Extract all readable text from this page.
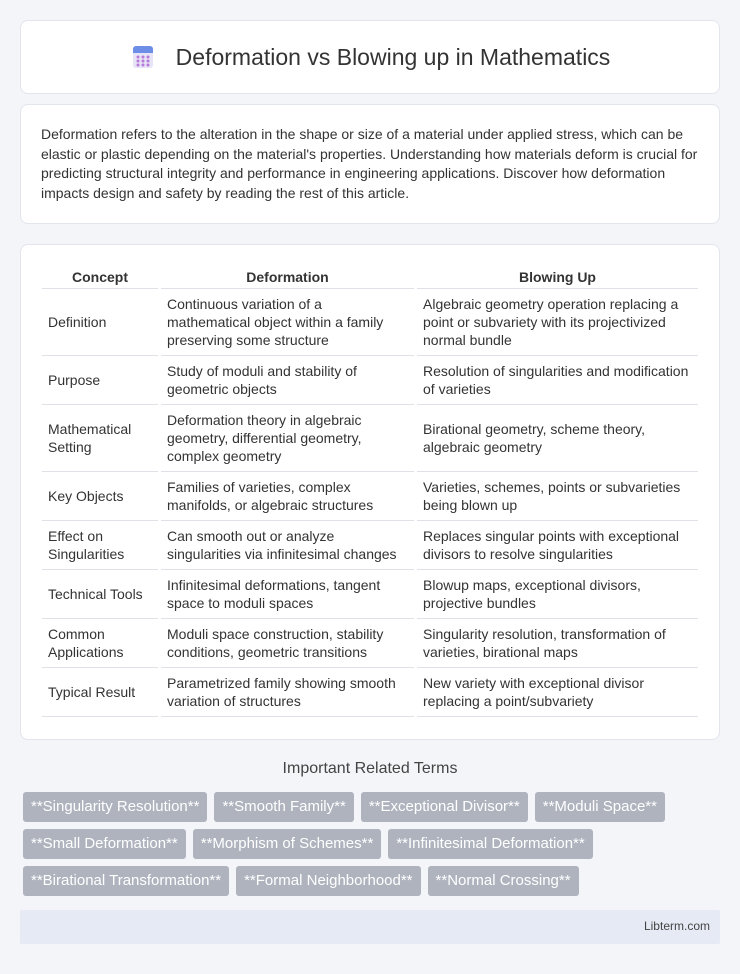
Deformation vs Blowing up in Mathematics

Deformation refers to the alteration in the shape or size of a material under applied stress, which can be elastic or plastic depending on the material's properties. Understanding how materials deform is crucial for predicting structural integrity and performance in engineering applications. Discover how deformation impacts design and safety by reading the rest of this article.

Concept	Deformation	Blowing Up
Definition	Continuous variation of a mathematical object within a family preserving some structure	Algebraic geometry operation replacing a point or subvariety with its projectivized normal bundle
Purpose	Study of moduli and stability of geometric objects	Resolution of singularities and modification of varieties
Mathematical Setting	Deformation theory in algebraic geometry, differential geometry, complex geometry	Birational geometry, scheme theory, algebraic geometry
Key Objects	Families of varieties, complex manifolds, or algebraic structures	Varieties, schemes, points or subvarieties being blown up
Effect on Singularities	Can smooth out or analyze singularities via infinitesimal changes	Replaces singular points with exceptional divisors to resolve singularities
Technical Tools	Infinitesimal deformations, tangent space to moduli spaces	Blowup maps, exceptional divisors, projective bundles
Common Applications	Moduli space construction, stability conditions, geometric transitions	Singularity resolution, transformation of varieties, birational maps
Typical Result	Parametrized family showing smooth variation of structures	New variety with exceptional divisor replacing a point/subvariety
Important Related Terms
**Singularity Resolution**	**Smooth Family**	**Exceptional Divisor**	**Moduli Space**
**Small Deformation**	**Morphism of Schemes**	**Infinitesimal Deformation**
**Birational Transformation**	**Formal Neighborhood**	**Normal Crossing**
Libterm.com
